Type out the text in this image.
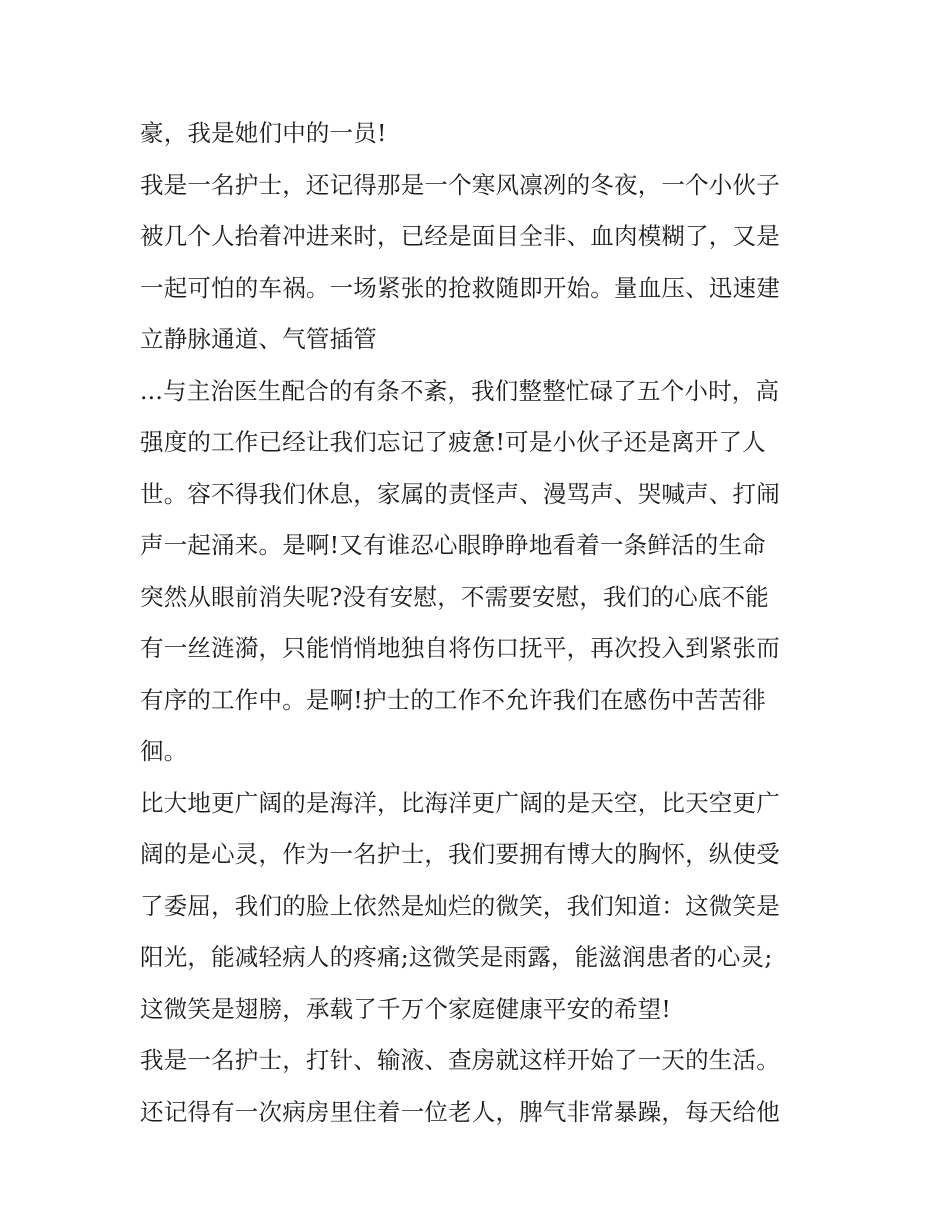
豪，我是她们中的一员!
我是一名护士，还记得那是一个寒风凛冽的冬夜，一个小伙子
被几个人抬着冲进来时，已经是面目全非、血肉模糊了，又是
一起可怕的车祸。一场紧张的抢救随即开始。量血压、迅速建
立静脉通道、气管插管
...与主治医生配合的有条不紊，我们整整忙碌了五个小时，高
强度的工作已经让我们忘记了疲惫!可是小伙子还是离开了人
世。容不得我们休息，家属的责怪声、漫骂声、哭喊声、打闹
声一起涌来。是啊!又有谁忍心眼睁睁地看着一条鲜活的生命
突然从眼前消失呢?没有安慰，不需要安慰，我们的心底不能
有一丝涟漪，只能悄悄地独自将伤口抚平，再次投入到紧张而
有序的工作中。是啊!护士的工作不允许我们在感伤中苦苦徘
徊。
比大地更广阔的是海洋，比海洋更广阔的是天空，比天空更广
阔的是心灵，作为一名护士，我们要拥有博大的胸怀，纵使受
了委屈，我们的脸上依然是灿烂的微笑，我们知道：这微笑是
阳光，能减轻病人的疼痛;这微笑是雨露，能滋润患者的心灵;
这微笑是翅膀，承载了千万个家庭健康平安的希望!
我是一名护士，打针、输液、查房就这样开始了一天的生活。
还记得有一次病房里住着一位老人，脾气非常暴躁，每天给他
